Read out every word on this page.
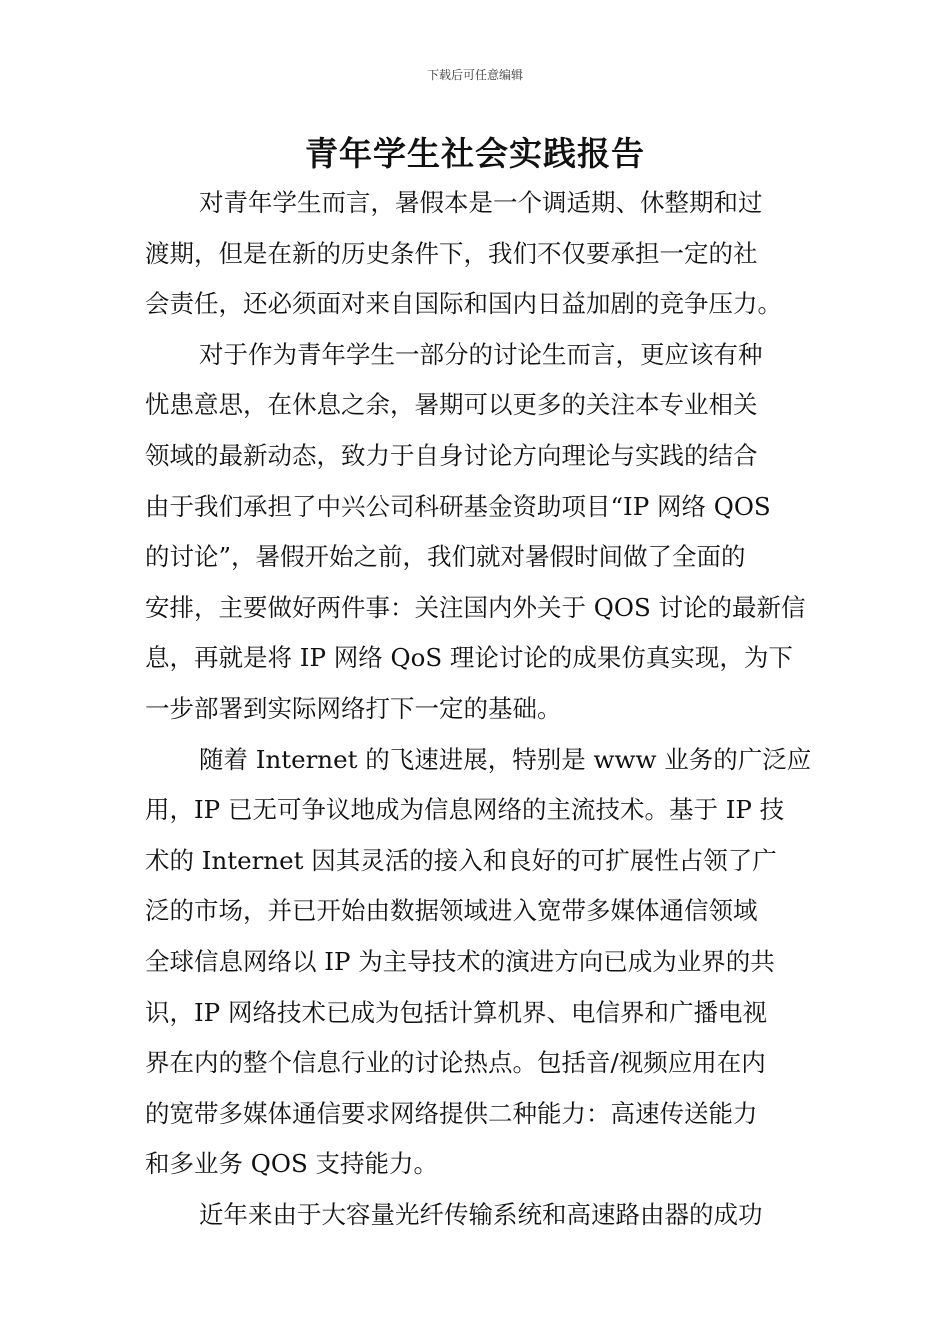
下载后可任意编辑
青年学生社会实践报告
对青年学生而言，暑假本是一个调适期、休整期和过
渡期，但是在新的历史条件下，我们不仅要承担一定的社
会责任，还必须面对来自国际和国内日益加剧的竞争压力。
对于作为青年学生一部分的讨论生而言，更应该有种
忧患意思，在休息之余，暑期可以更多的关注本专业相关
领域的最新动态，致力于自身讨论方向理论与实践的结合
由于我们承担了中兴公司科研基金资助项目“IP 网络 QOS
的讨论”，暑假开始之前，我们就对暑假时间做了全面的
安排，主要做好两件事：关注国内外关于 QOS 讨论的最新信
息，再就是将 IP 网络 QoS 理论讨论的成果仿真实现，为下
一步部署到实际网络打下一定的基础。
随着 Internet 的飞速进展，特别是 www 业务的广泛应
用，IP 已无可争议地成为信息网络的主流技术。基于 IP 技
术的 Internet 因其灵活的接入和良好的可扩展性占领了广
泛的市场，并已开始由数据领域进入宽带多媒体通信领域
全球信息网络以 IP 为主导技术的演进方向已成为业界的共
识，IP 网络技术已成为包括计算机界、电信界和广播电视
界在内的整个信息行业的讨论热点。包括音/视频应用在内
的宽带多媒体通信要求网络提供二种能力：高速传送能力
和多业务 QOS 支持能力。
近年来由于大容量光纤传输系统和高速路由器的成功
